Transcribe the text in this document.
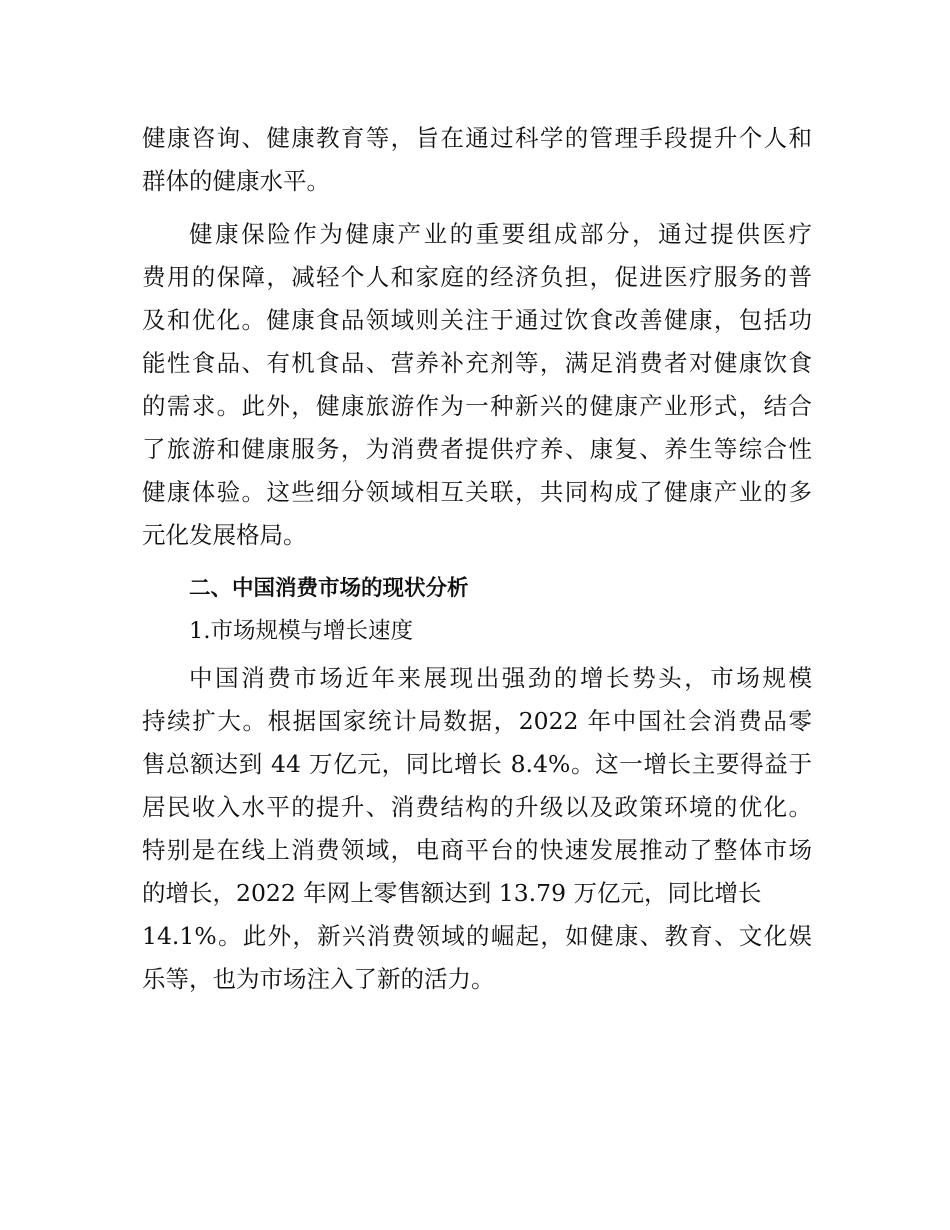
健康咨询、健康教育等，旨在通过科学的管理手段提升个人和
群体的健康水平。
健康保险作为健康产业的重要组成部分，通过提供医疗
费用的保障，减轻个人和家庭的经济负担，促进医疗服务的普
及和优化。健康食品领域则关注于通过饮食改善健康，包括功
能性食品、有机食品、营养补充剂等，满足消费者对健康饮食
的需求。此外，健康旅游作为一种新兴的健康产业形式，结合
了旅游和健康服务，为消费者提供疗养、康复、养生等综合性
健康体验。这些细分领域相互关联，共同构成了健康产业的多
元化发展格局。
二、中国消费市场的现状分析
1.市场规模与增长速度
中国消费市场近年来展现出强劲的增长势头，市场规模
持续扩大。根据国家统计局数据，2022 年中国社会消费品零
售总额达到 44 万亿元，同比增长 8.4%。这一增长主要得益于
居民收入水平的提升、消费结构的升级以及政策环境的优化。
特别是在线上消费领域，电商平台的快速发展推动了整体市场
的增长，2022 年网上零售额达到 13.79 万亿元，同比增长
14.1%。此外，新兴消费领域的崛起，如健康、教育、文化娱
乐等，也为市场注入了新的活力。
